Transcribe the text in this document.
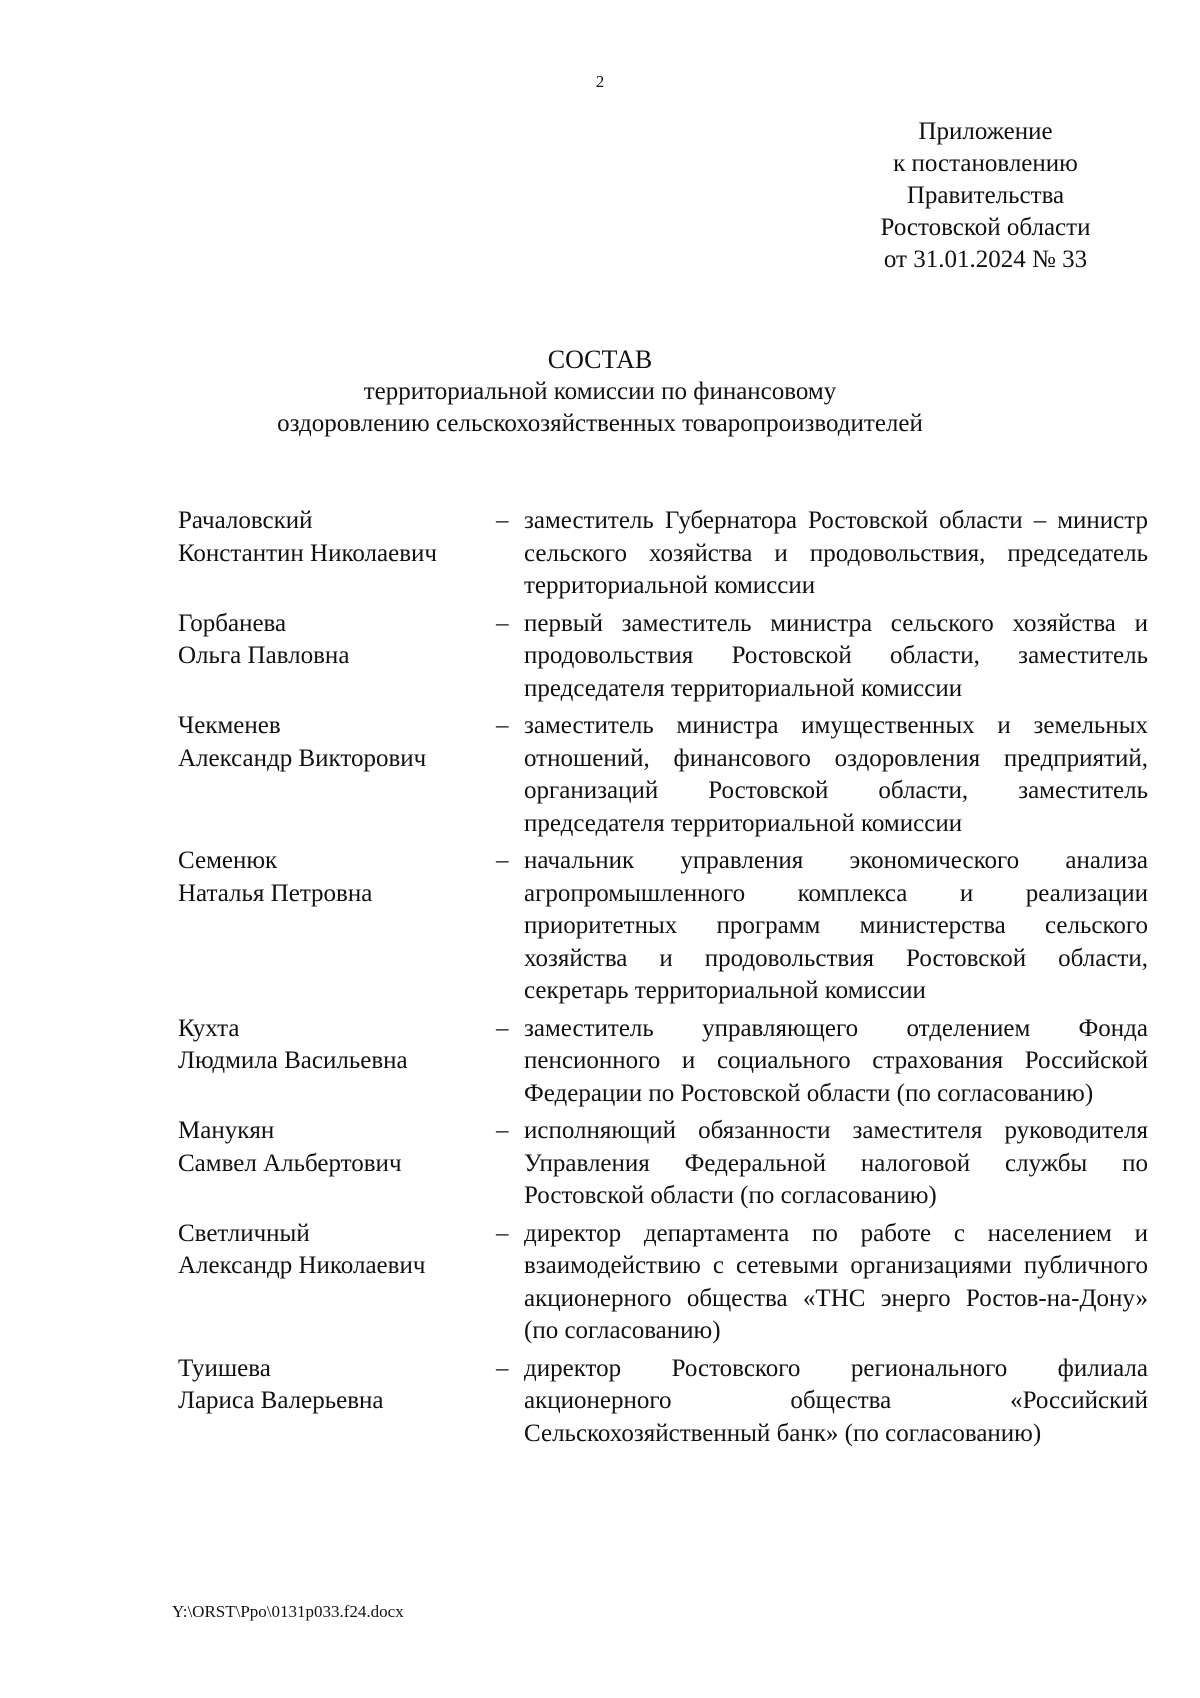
2
Приложение
к постановлению
Правительства
Ростовской области
от 31.01.2024 № 33
СОСТАВ
территориальной комиссии по финансовому
оздоровлению сельскохозяйственных товаропроизводителей
Рачаловский
Константин Николаевич
– заместитель Губернатора Ростовской области – министр сельского хозяйства и продовольствия, председатель территориальной комиссии
Горбанева
Ольга Павловна
– первый заместитель министра сельского хозяйства и продовольствия Ростовской области, заместитель председателя территориальной комиссии
Чекменев
Александр Викторович
– заместитель министра имущественных и земельных отношений, финансового оздоровления предприятий, организаций Ростовской области, заместитель председателя территориальной комиссии
Семенюк
Наталья Петровна
– начальник управления экономического анализа агропромышленного комплекса и реализации приоритетных программ министерства сельского хозяйства и продовольствия Ростовской области, секретарь территориальной комиссии
Кухта
Людмила Васильевна
– заместитель управляющего отделением Фонда пенсионного и социального страхования Российской Федерации по Ростовской области (по согласованию)
Манукян
Самвел Альбертович
– исполняющий обязанности заместителя руководителя Управления Федеральной налоговой службы по Ростовской области (по согласованию)
Светличный
Александр Николаевич
– директор департамента по работе с населением и взаимодействию с сетевыми организациями публичного акционерного общества «ТНС энерго Ростов-на-Дону» (по согласованию)
Туишева
Лариса Валерьевна
– директор Ростовского регионального филиала акционерного общества «Российский Сельскохозяйственный банк» (по согласованию)
Y:\ORST\Ppo\0131p033.f24.docx
